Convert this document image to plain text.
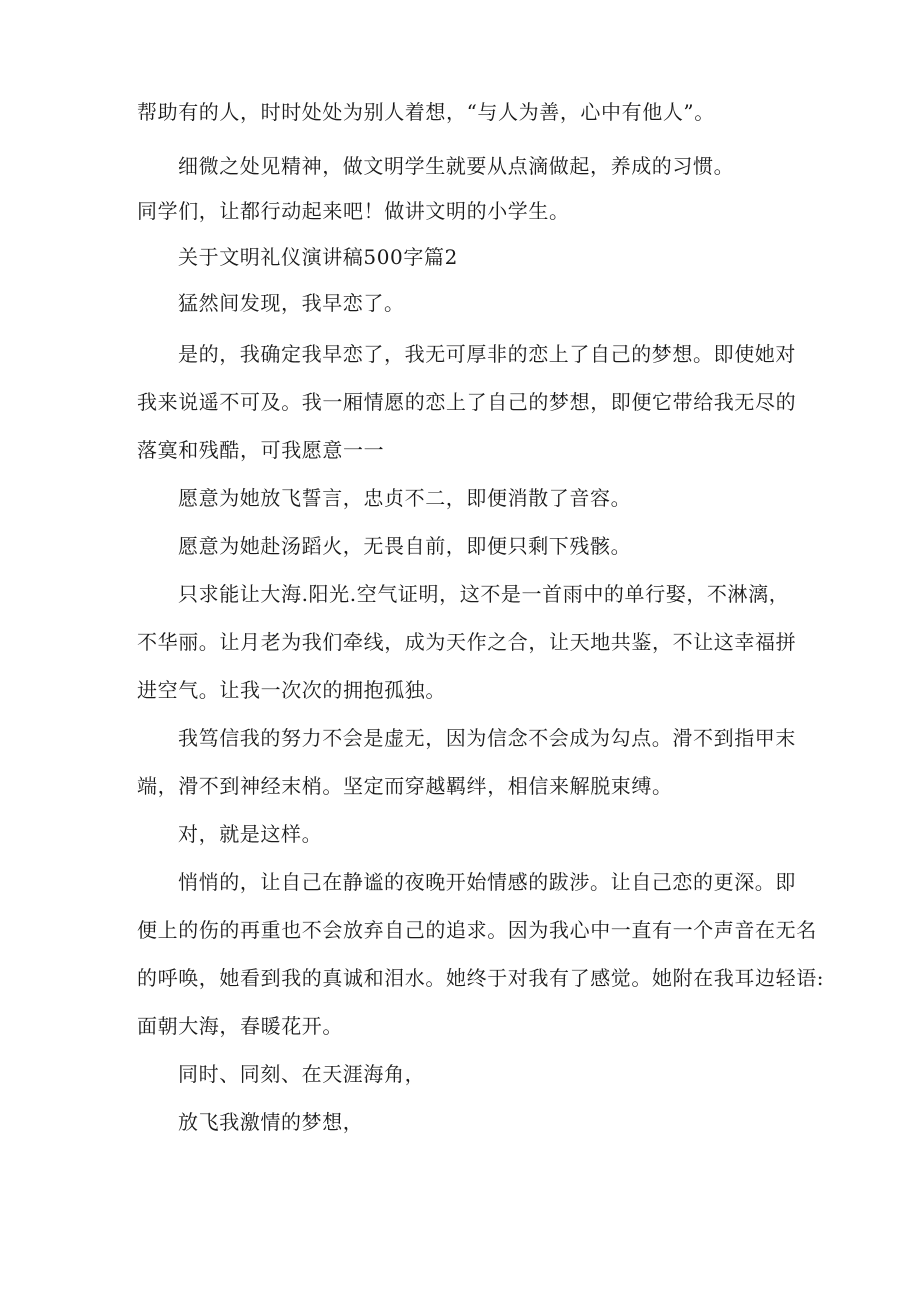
帮助有的人，时时处处为别人着想，“与人为善，心中有他人”。

细微之处见精神，做文明学生就要从点滴做起，养成的习惯。

同学们，让都行动起来吧！做讲文明的小学生。

关于文明礼仪演讲稿500字篇2

猛然间发现，我早恋了。

是的，我确定我早恋了，我无可厚非的恋上了自己的梦想。即使她对

我来说遥不可及。我一厢情愿的恋上了自己的梦想，即便它带给我无尽的

落寞和残酷，可我愿意一一

愿意为她放飞誓言，忠贞不二，即便消散了音容。

愿意为她赴汤蹈火，无畏自前，即便只剩下残骸。

只求能让大海.阳光.空气证明，这不是一首雨中的单行娶，不淋漓，

不华丽。让月老为我们牵线，成为天作之合，让天地共鉴，不让这幸福拼

进空气。让我一次次的拥抱孤独。

我笃信我的努力不会是虚无，因为信念不会成为勾点。滑不到指甲末

端，滑不到神经末梢。坚定而穿越羁绊，相信来解脱束缚。

对，就是这样。

悄悄的，让自己在静谧的夜晚开始情感的跋涉。让自己恋的更深。即

便上的伤的再重也不会放弃自己的追求。因为我心中一直有一个声音在无名

的呼唤，她看到我的真诚和泪水。她终于对我有了感觉。她附在我耳边轻语:

面朝大海，春暖花开。

同时、同刻、在天涯海角，

放飞我激情的梦想，
